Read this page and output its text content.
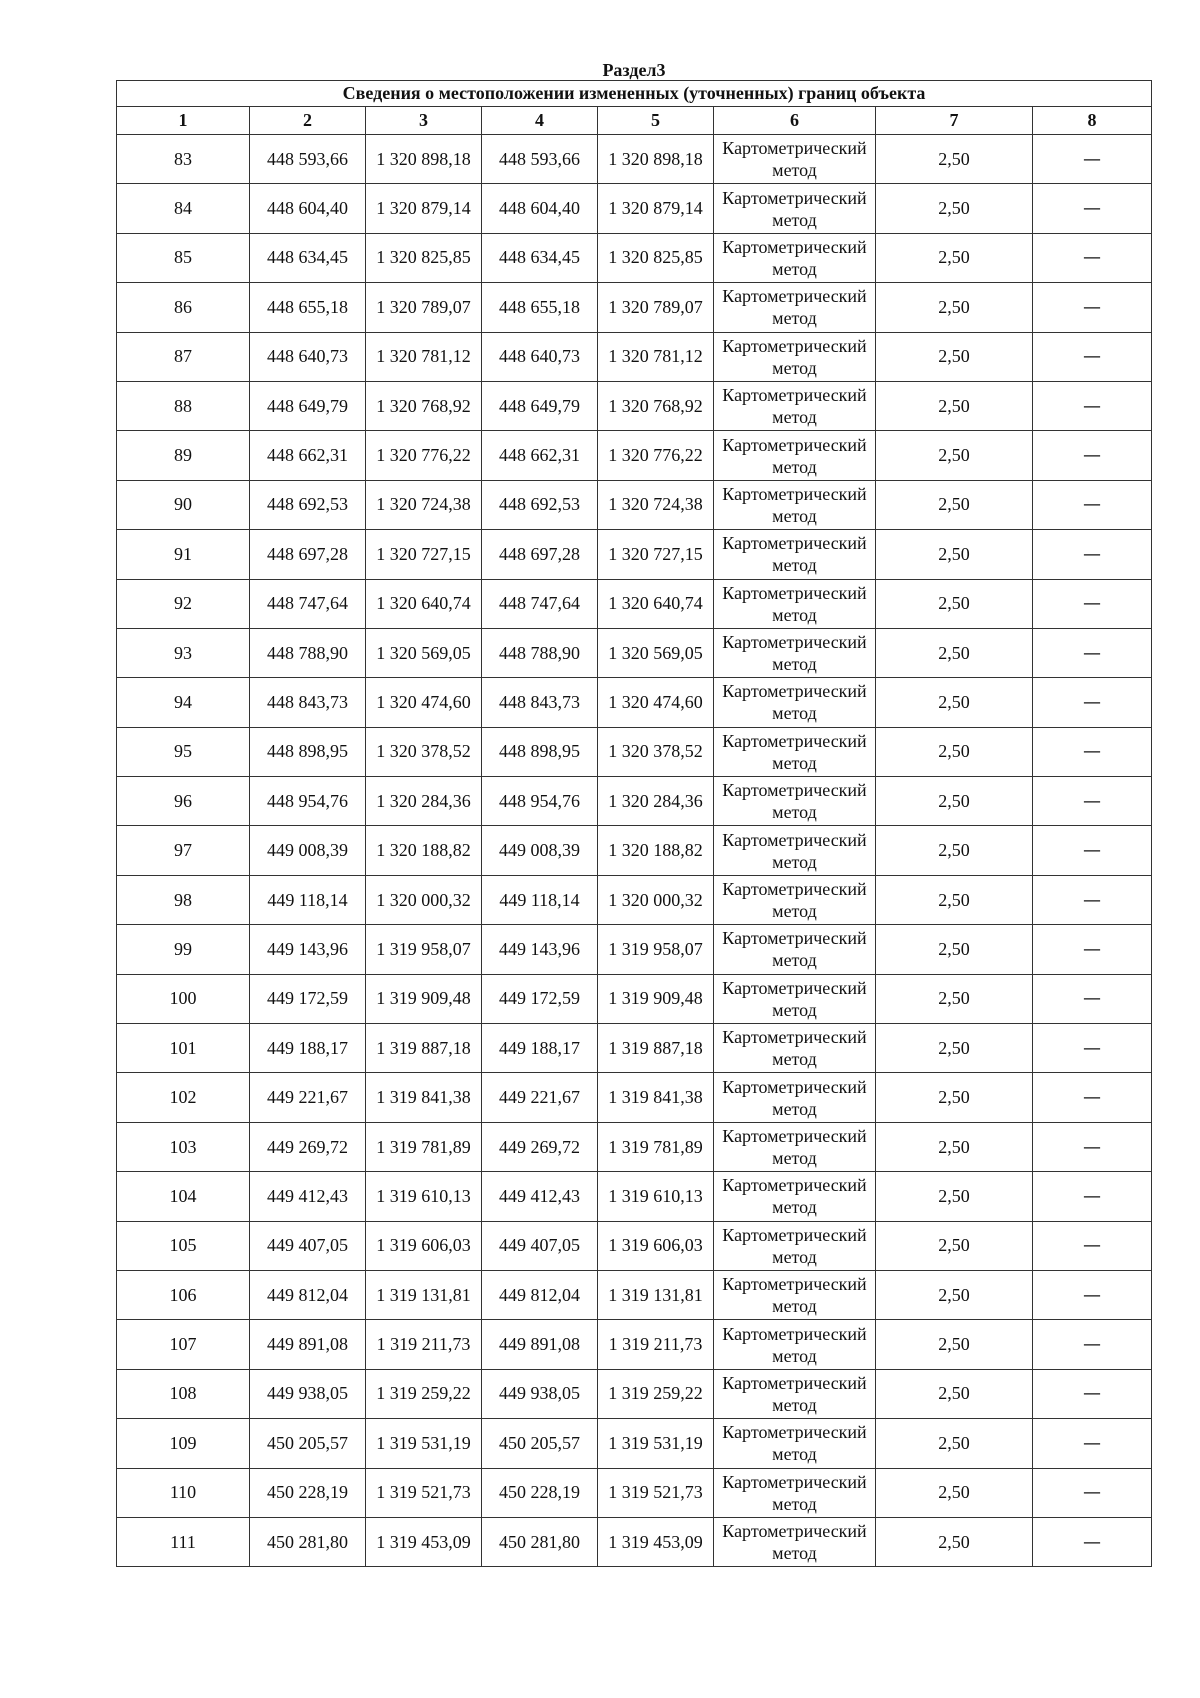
Раздел3
Сведения о местоположении измененных (уточненных) границ объекта							
1	2	3	4	5	6	7	8
83	448 593,66	1 320 898,18	448 593,66	1 320 898,18	Картометрический метод	2,50	—
84	448 604,40	1 320 879,14	448 604,40	1 320 879,14	Картометрический метод	2,50	—
85	448 634,45	1 320 825,85	448 634,45	1 320 825,85	Картометрический метод	2,50	—
86	448 655,18	1 320 789,07	448 655,18	1 320 789,07	Картометрический метод	2,50	—
87	448 640,73	1 320 781,12	448 640,73	1 320 781,12	Картометрический метод	2,50	—
88	448 649,79	1 320 768,92	448 649,79	1 320 768,92	Картометрический метод	2,50	—
89	448 662,31	1 320 776,22	448 662,31	1 320 776,22	Картометрический метод	2,50	—
90	448 692,53	1 320 724,38	448 692,53	1 320 724,38	Картометрический метод	2,50	—
91	448 697,28	1 320 727,15	448 697,28	1 320 727,15	Картометрический метод	2,50	—
92	448 747,64	1 320 640,74	448 747,64	1 320 640,74	Картометрический метод	2,50	—
93	448 788,90	1 320 569,05	448 788,90	1 320 569,05	Картометрический метод	2,50	—
94	448 843,73	1 320 474,60	448 843,73	1 320 474,60	Картометрический метод	2,50	—
95	448 898,95	1 320 378,52	448 898,95	1 320 378,52	Картометрический метод	2,50	—
96	448 954,76	1 320 284,36	448 954,76	1 320 284,36	Картометрический метод	2,50	—
97	449 008,39	1 320 188,82	449 008,39	1 320 188,82	Картометрический метод	2,50	—
98	449 118,14	1 320 000,32	449 118,14	1 320 000,32	Картометрический метод	2,50	—
99	449 143,96	1 319 958,07	449 143,96	1 319 958,07	Картометрический метод	2,50	—
100	449 172,59	1 319 909,48	449 172,59	1 319 909,48	Картометрический метод	2,50	—
101	449 188,17	1 319 887,18	449 188,17	1 319 887,18	Картометрический метод	2,50	—
102	449 221,67	1 319 841,38	449 221,67	1 319 841,38	Картометрический метод	2,50	—
103	449 269,72	1 319 781,89	449 269,72	1 319 781,89	Картометрический метод	2,50	—
104	449 412,43	1 319 610,13	449 412,43	1 319 610,13	Картометрический метод	2,50	—
105	449 407,05	1 319 606,03	449 407,05	1 319 606,03	Картометрический метод	2,50	—
106	449 812,04	1 319 131,81	449 812,04	1 319 131,81	Картометрический метод	2,50	—
107	449 891,08	1 319 211,73	449 891,08	1 319 211,73	Картометрический метод	2,50	—
108	449 938,05	1 319 259,22	449 938,05	1 319 259,22	Картометрический метод	2,50	—
109	450 205,57	1 319 531,19	450 205,57	1 319 531,19	Картометрический метод	2,50	—
110	450 228,19	1 319 521,73	450 228,19	1 319 521,73	Картометрический метод	2,50	—
111	450 281,80	1 319 453,09	450 281,80	1 319 453,09	Картометрический метод	2,50	—
